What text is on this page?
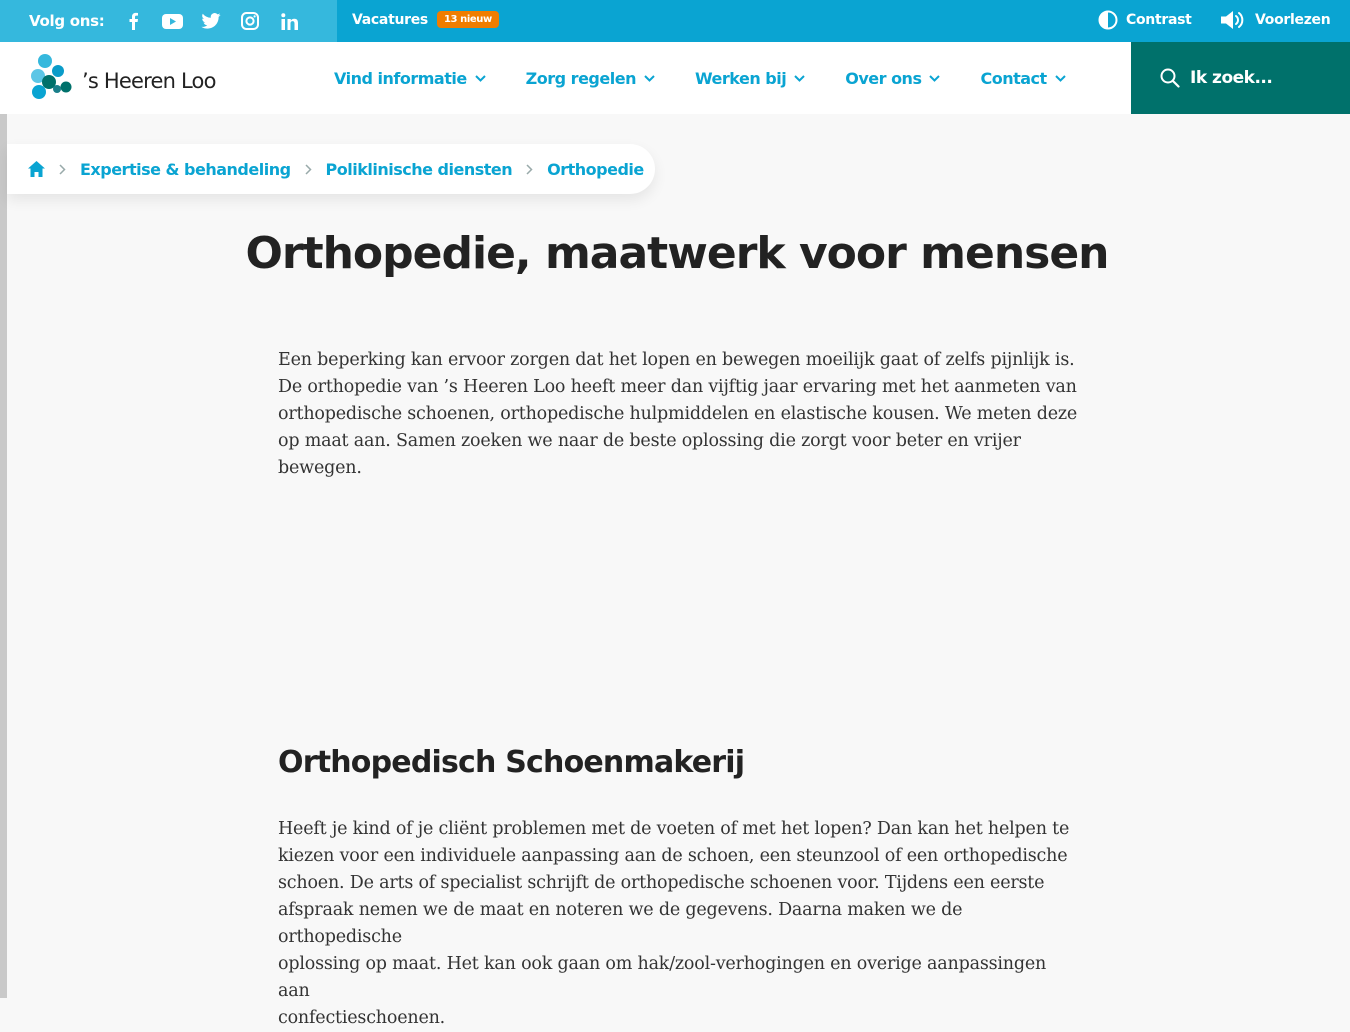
Volg ons:	Vacatures	13 nieuw	Contrast	Voorlezen
’s Heeren Loo	Vind informatie	Zorg regelen	Werken bij	Over ons	Contact	Ik zoek...
Expertise & behandeling Poliklinische diensten Orthopedie
Orthopedie, maatwerk voor mensen
Een beperking kan ervoor zorgen dat het lopen en bewegen moeilijk gaat of zelfs pijnlijk is.
De orthopedie van ’s Heeren Loo heeft meer dan vijftig jaar ervaring met het aanmeten van
orthopedische schoenen, orthopedische hulpmiddelen en elastische kousen. We meten deze
op maat aan. Samen zoeken we naar de beste oplossing die zorgt voor beter en vrijer
bewegen.
Orthopedisch Schoenmakerij
Heeft je kind of je cliënt problemen met de voeten of met het lopen? Dan kan het helpen te
kiezen voor een individuele aanpassing aan de schoen, een steunzool of een orthopedische
schoen. De arts of specialist schrijft de orthopedische schoenen voor. Tijdens een eerste
afspraak nemen we de maat en noteren we de gegevens. Daarna maken we de orthopedische
oplossing op maat. Het kan ook gaan om hak/zool-verhogingen en overige aanpassingen aan
confectieschoenen.
